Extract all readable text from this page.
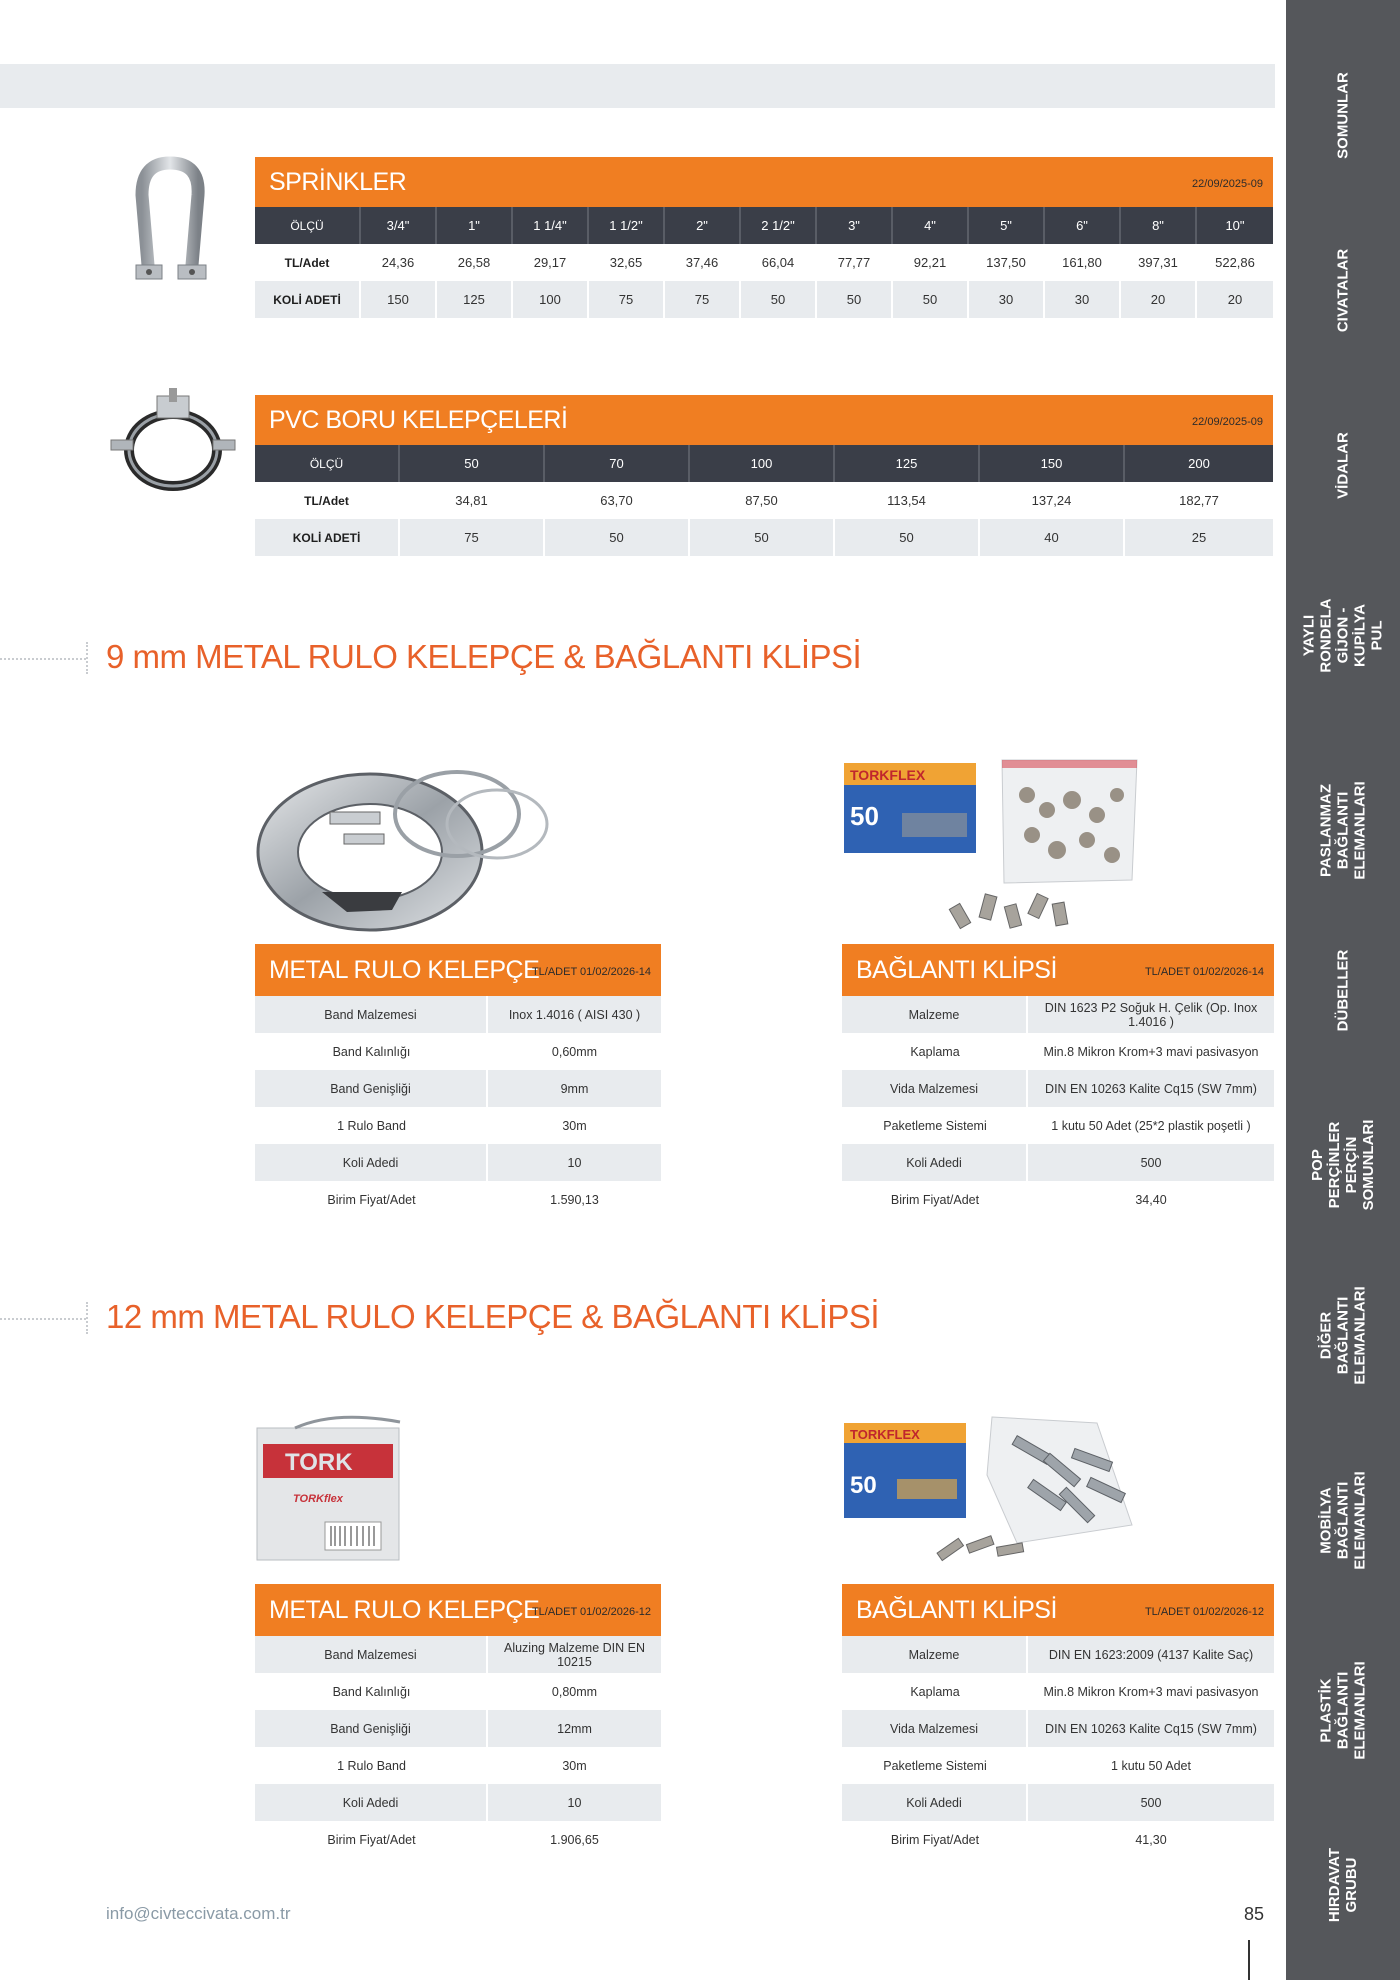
SOMUNLAR
CIVATALAR
VİDALAR
YAYLI RONDELA
GİJON - KUPİLYA
PUL
PASLANMAZ
BAĞLANTI
ELEMANLARI
DÜBELLER
POP PERÇİNLER
PERÇİN SOMUNLARI
DİĞER BAĞLANTI
ELEMANLARI
MOBİLYA BAĞLANTI
ELEMANLARI
PLASTİK BAĞLANTI
ELEMANLARI
HIRDAVAT GRUBU
SPRİNKLER	22/09/2025-09
ÖLÇÜ	3/4"	1"	1 1/4"	1 1/2"	2"	2 1/2"	3"	4"	5"	6"	8"	10"
TL/Adet	24,36	26,58	29,17	32,65	37,46	66,04	77,77	92,21	137,50	161,80	397,31	522,86
KOLİ ADETİ	150	125	100	75	75	50	50	50	30	30	20	20
PVC BORU KELEPÇELERİ	22/09/2025-09
ÖLÇÜ	50	70	100	125	150	200
TL/Adet	34,81	63,70	87,50	113,54	137,24	182,77
KOLİ ADETİ	75	50	50	50	40	25
9 mm METAL RULO KELEPÇE & BAĞLANTI KLİPSİ
TORKFLEX
50
METAL RULO KELEPÇE
TL/ADET 01/02/2026-14
Band Malzemesi	Inox 1.4016 ( AISI 430 )
Band Kalınlığı	0,60mm
Band Genişliği	9mm
1 Rulo Band	30m
Koli Adedi	10
Birim Fiyat/Adet	1.590,13
BAĞLANTI KLİPSİ	TL/ADET 01/02/2026-14
Malzeme	DIN 1623 P2 Soğuk H. Çelik (Op. Inox 1.4016 )
Kaplama	Min.8 Mikron Krom+3 mavi pasivasyon
Vida Malzemesi	DIN EN 10263 Kalite Cq15 (SW 7mm)
Paketleme Sistemi	1 kutu 50 Adet (25*2 plastik poşetli )
Koli Adedi	500
Birim Fiyat/Adet	34,40
12 mm METAL RULO KELEPÇE & BAĞLANTI KLİPSİ
TORK
TORKflex
TORKFLEX
50
METAL RULO KELEPÇE
TL/ADET 01/02/2026-12
Band Malzemesi	Aluzing Malzeme DIN EN 10215
Band Kalınlığı	0,80mm
Band Genişliği	12mm
1 Rulo Band	30m
Koli Adedi	10
Birim Fiyat/Adet	1.906,65
BAĞLANTI KLİPSİ	TL/ADET 01/02/2026-12
Malzeme	DIN EN 1623:2009 (4137 Kalite Saç)
Kaplama	Min.8 Mikron Krom+3 mavi pasivasyon
Vida Malzemesi	DIN EN 10263 Kalite Cq15 (SW 7mm)
Paketleme Sistemi	1 kutu 50 Adet
Koli Adedi	500
Birim Fiyat/Adet	41,30
info@civteccivata.com.tr	85
